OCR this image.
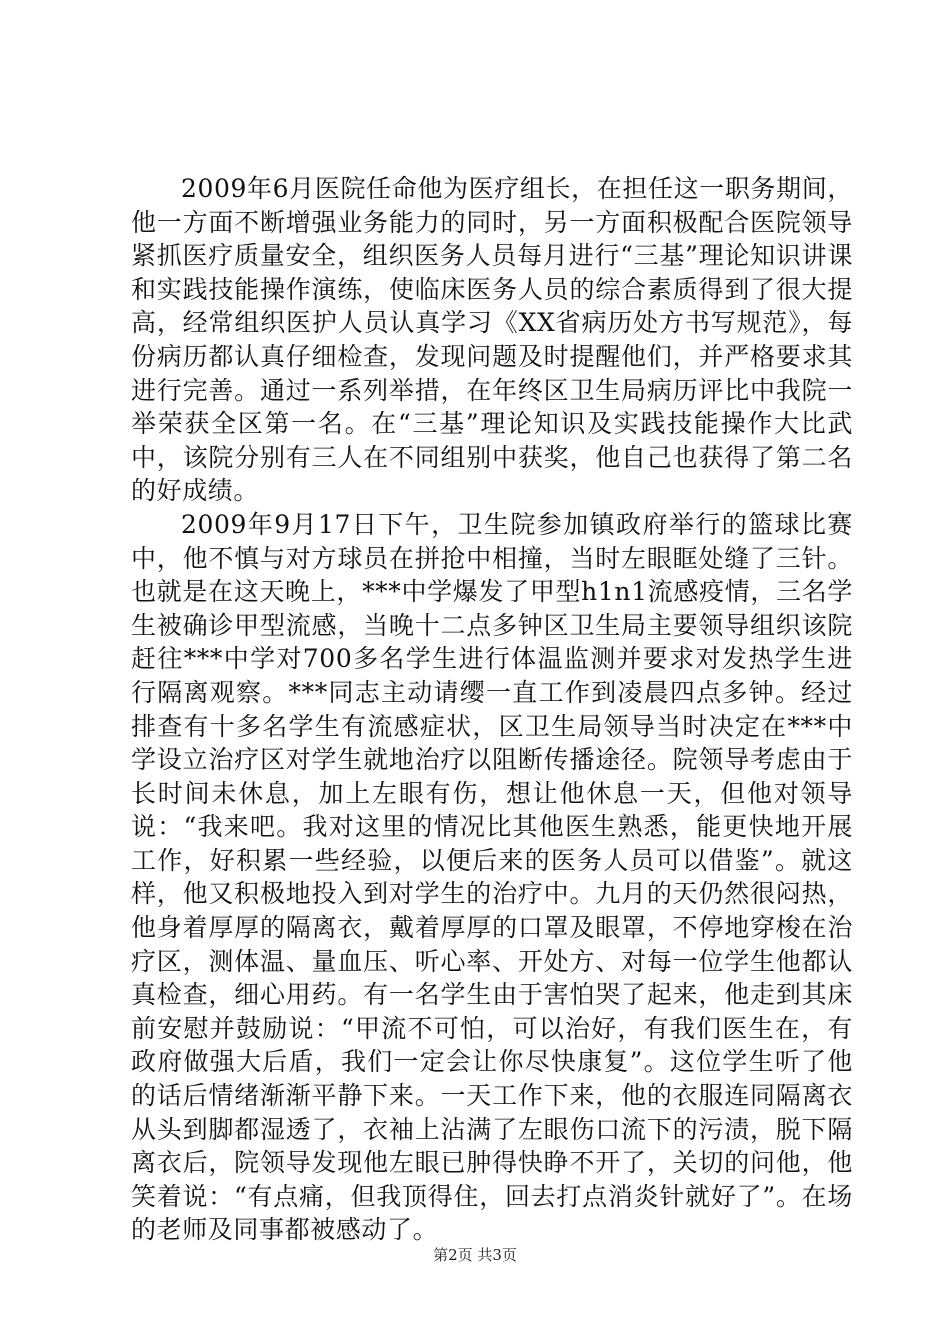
2009年6月医院任命他为医疗组长，在担任这一职务期间，他一方面不断增强业务能力的同时，另一方面积极配合医院领导紧抓医疗质量安全，组织医务人员每月进行“三基”理论知识讲课和实践技能操作演练，使临床医务人员的综合素质得到了很大提高，经常组织医护人员认真学习《XX省病历处方书写规范》，每份病历都认真仔细检查，发现问题及时提醒他们，并严格要求其进行完善。通过一系列举措，在年终区卫生局病历评比中我院一举荣获全区第一名。在“三基”理论知识及实践技能操作大比武中，该院分别有三人在不同组别中获奖，他自己也获得了第二名的好成绩。

2009年9月17日下午，卫生院参加镇政府举行的篮球比赛中，他不慎与对方球员在拼抢中相撞，当时左眼眶处缝了三针。也就是在这天晚上，***中学爆发了甲型h1n1流感疫情，三名学生被确诊甲型流感，当晚十二点多钟区卫生局主要领导组织该院赶往***中学对700多名学生进行体温监测并要求对发热学生进行隔离观察。***同志主动请缨一直工作到凌晨四点多钟。经过排查有十多名学生有流感症状，区卫生局领导当时决定在***中学设立治疗区对学生就地治疗以阻断传播途径。院领导考虑由于长时间未休息，加上左眼有伤，想让他休息一天，但他对领导说：“我来吧。我对这里的情况比其他医生熟悉，能更快地开展工作，好积累一些经验，以便后来的医务人员可以借鉴”。就这样，他又积极地投入到对学生的治疗中。九月的天仍然很闷热，他身着厚厚的隔离衣，戴着厚厚的口罩及眼罩，不停地穿梭在治疗区，测体温、量血压、听心率、开处方、对每一位学生他都认真检查，细心用药。有一名学生由于害怕哭了起来，他走到其床前安慰并鼓励说：“甲流不可怕，可以治好，有我们医生在，有政府做强大后盾，我们一定会让你尽快康复”。这位学生听了他的话后情绪渐渐平静下来。一天工作下来，他的衣服连同隔离衣从头到脚都湿透了，衣袖上沾满了左眼伤口流下的污渍，脱下隔离衣后，院领导发现他左眼已肿得快睁不开了，关切的问他，他笑着说：“有点痛，但我顶得住，回去打点消炎针就好了”。在场的老师及同事都被感动了。

第2页 共3页
